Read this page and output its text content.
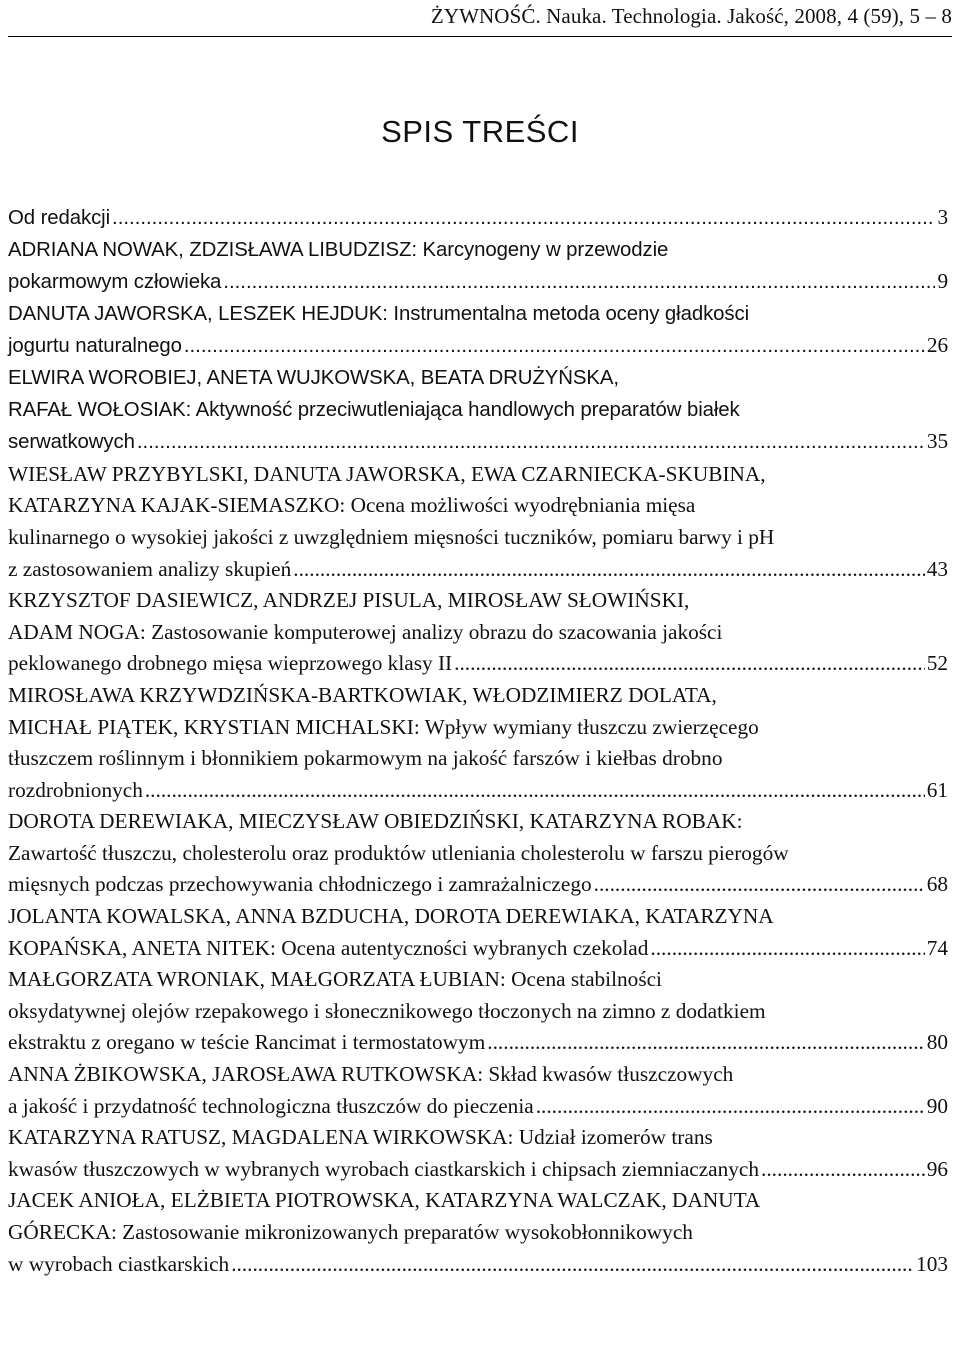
ŻYWNOŚĆ. Nauka. Technologia. Jakość, 2008, 4 (59), 5 – 8
SPIS TREŚCI
Od redakcji .....	3
ADRIANA NOWAK, ZDZISŁAWA LIBUDZISZ: Karcynogeny w przewodzie
pokarmowym człowieka .....	9
DANUTA JAWORSKA, LESZEK HEJDUK: Instrumentalna metoda oceny gładkości
jogurtu naturalnego .....	26
ELWIRA WOROBIEJ, ANETA WUJKOWSKA, BEATA DRUŻYŃSKA,
RAFAŁ WOŁOSIAK: Aktywność przeciwutleniająca handlowych preparatów białek
serwatkowych .....	35
WIESŁAW PRZYBYLSKI, DANUTA JAWORSKA, EWA CZARNIECKA-SKUBINA,
KATARZYNA KAJAK-SIEMASZKO: Ocena możliwości wyodrębniania mięsa
kulinarnego o wysokiej jakości z uwzględniem mięsności tuczników, pomiaru barwy i pH
z zastosowaniem analizy skupień .....	43
KRZYSZTOF DASIEWICZ, ANDRZEJ PISULA, MIROSŁAW SŁOWIŃSKI,
ADAM NOGA: Zastosowanie komputerowej analizy obrazu do szacowania jakości
peklowanego drobnego mięsa wieprzowego klasy II .....	52
MIROSŁAWA KRZYWDZIŃSKA-BARTKOWIAK, WŁODZIMIERZ DOLATA,
MICHAŁ PIĄTEK, KRYSTIAN MICHALSKI: Wpływ wymiany tłuszczu zwierzęcego
tłuszczem roślinnym i błonnikiem pokarmowym na jakość farszów i kiełbas drobno
rozdrobnionych .....	61
DOROTA DEREWIAKA, MIECZYSŁAW OBIEDZIŃSKI, KATARZYNA ROBAK:
Zawartość tłuszczu, cholesterolu oraz produktów utleniania cholesterolu w farszu pierogów
mięsnych podczas przechowywania chłodniczego i zamrażalniczego .....	68
JOLANTA KOWALSKA, ANNA BZDUCHA, DOROTA DEREWIAKA, KATARZYNA
KOPAŃSKA, ANETA NITEK: Ocena autentyczności wybranych czekolad .....	74
MAŁGORZATA WRONIAK, MAŁGORZATA ŁUBIAN: Ocena stabilności
oksydatywnej olejów rzepakowego i słonecznikowego tłoczonych na zimno z dodatkiem
ekstraktu z oregano w teście Rancimat i termostatowym .....	80
ANNA ŻBIKOWSKA, JAROSŁAWA RUTKOWSKA: Skład kwasów tłuszczowych
a jakość i przydatność technologiczna tłuszczów do pieczenia .....	90
KATARZYNA RATUSZ, MAGDALENA WIRKOWSKA: Udział izomerów trans
kwasów tłuszczowych w wybranych wyrobach ciastkarskich i chipsach ziemniaczanych .....	96
JACEK ANIOŁA, ELŻBIETA PIOTROWSKA, KATARZYNA WALCZAK, DANUTA
GÓRECKA: Zastosowanie mikronizowanych preparatów wysokobłonnikowych
w wyrobach ciastkarskich .....	103
